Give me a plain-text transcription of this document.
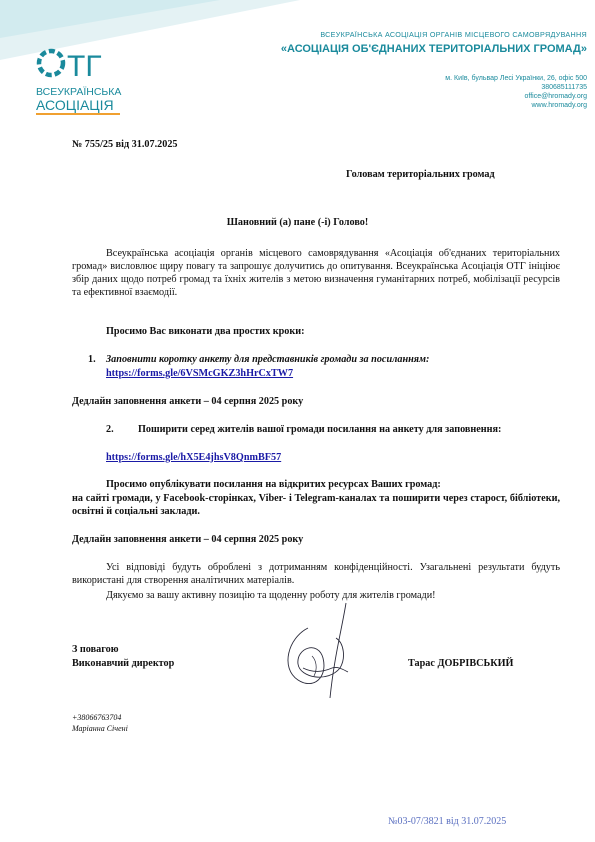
ТГ
ВСЕУКРАЇНСЬКА
АСОЦІАЦІЯ
ВСЕУКРАЇНСЬКА АСОЦІАЦІЯ ОРГАНІВ МІСЦЕВОГО САМОВРЯДУВАННЯ
«АСОЦІАЦІЯ ОБ'ЄДНАНИХ ТЕРИТОРІАЛЬНИХ ГРОМАД»
м. Київ, бульвар Лесі Українки, 26, офіс 500
380685111735
office@hromady.org
www.hromady.org
№ 755/25 від 31.07.2025
Головам територіальних громад
Шановний (а) пане (-і) Голово!
Всеукраїнська асоціація органів місцевого самоврядування «Асоціація об'єднаних територіальних громад» висловлює щиру повагу та запрошує долучитись до опитування. Всеукраїнська Асоціація ОТГ ініціює збір даних щодо потреб громад та їхніх жителів з метою визначення гуманітарних потреб, мобілізації ресурсів та ефективної взаємодії.
Просимо Вас виконати два простих кроки:
1. Заповнити коротку анкету для представників громади за посиланням:
https://forms.gle/6VSMcGKZ3hHrCxTW7
Дедлайн заповнення анкети – 04 серпня 2025 року
2.	Поширити серед жителів вашої громади посилання на анкету для заповнення:
https://forms.gle/hX5E4jhsV8QnmBF57
Просимо опублікувати посилання на відкритих ресурсах Ваших громад:
на сайті громади, у Facebook-сторінках, Viber- і Telegram-каналах та поширити через старост, бібліотеки, освітні й соціальні заклади.
Дедлайн заповнення анкети – 04 серпня 2025 року
Усі відповіді будуть оброблені з дотриманням конфіденційності. Узагальнені результати будуть використані для створення аналітичних матеріалів.
Дякуємо за вашу активну позицію та щоденну роботу для жителів громади!
З повагою
Виконавчий директор	Тарас ДОБРІВСЬКИЙ
+38066763704
Маріанна Січені
№03-07/3821 від 31.07.2025
